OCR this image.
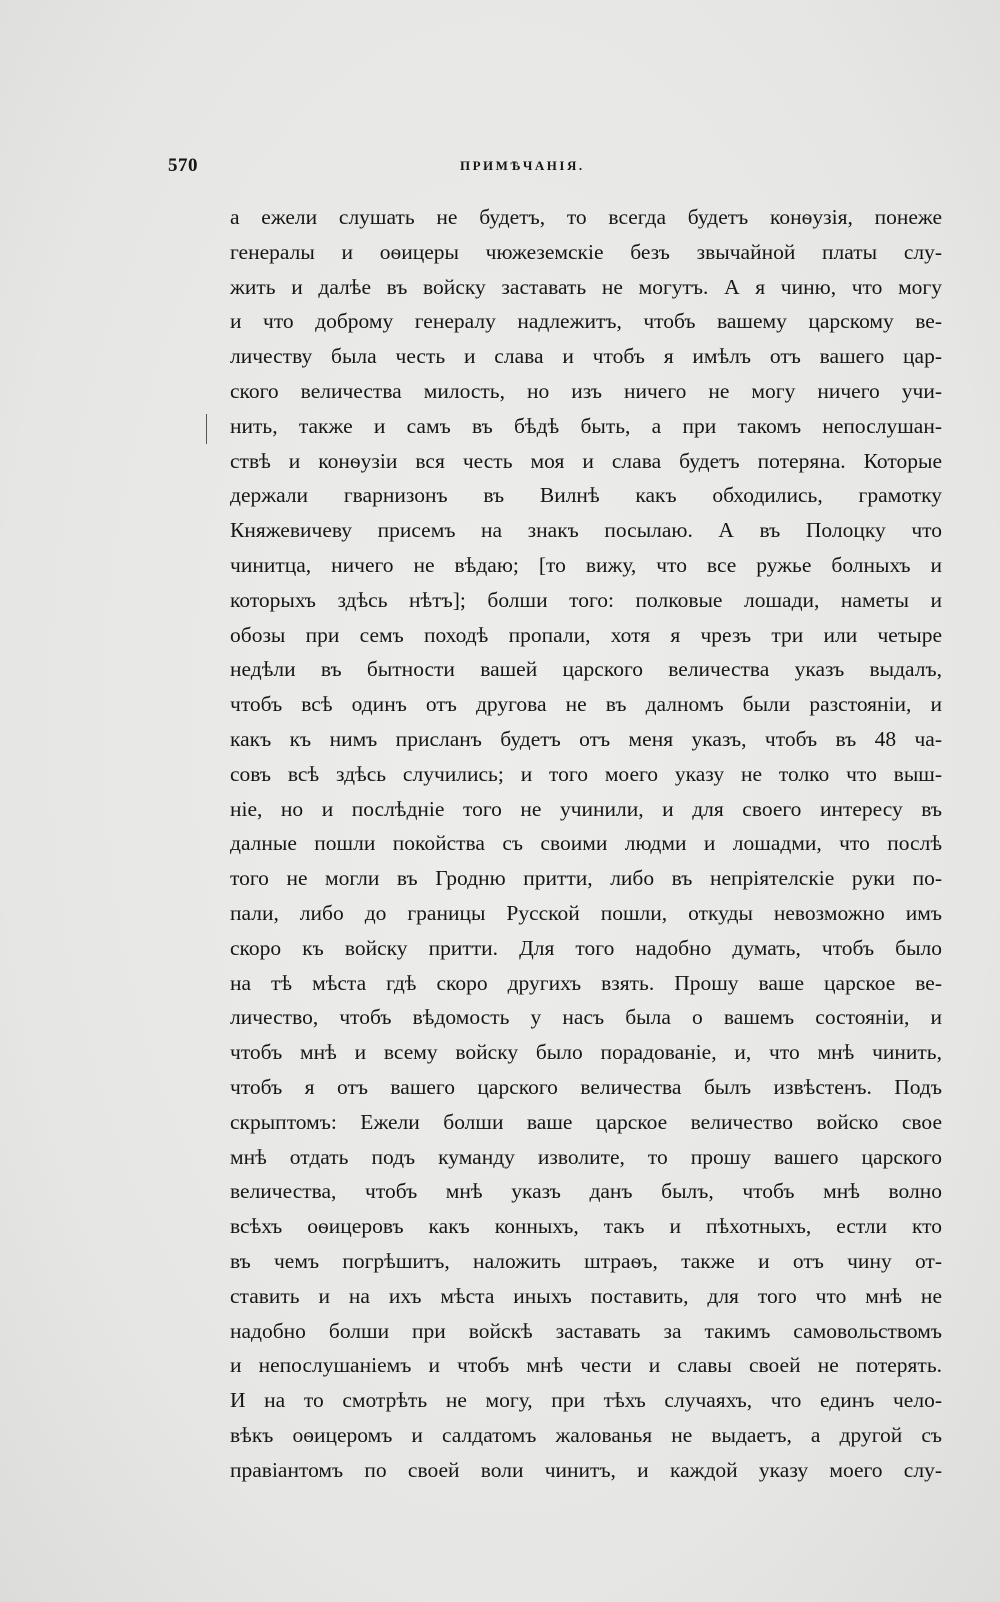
570	ПРИМѢЧАНІЯ.
а ежели слушать не будетъ, то всегда будетъ конѳузія, понеже
генералы и оѳицеры чюжеземскіе безъ звычайной платы слу-
жить и далѣе въ войску заставать не могутъ. А я чиню, что могу
и что доброму генералу надлежитъ, чтобъ вашему царскому ве-
личеству была честь и слава и чтобъ я имѣлъ отъ вашего цар-
ского величества милость, но изъ ничего не могу ничего учи-
нить, также и самъ въ бѣдѣ быть, а при такомъ непослушан-
ствѣ и конѳузіи вся честь моя и слава будетъ потеряна. Которые
держали гварнизонъ въ Вилнѣ какъ обходились, грамотку
Княжевичеву присемъ на знакъ посылаю. А въ Полоцку что
чинитца, ничего не вѣдаю; [то вижу, что все ружье болныхъ и
которыхъ здѣсь нѣтъ]; болши того: полковые лошади, наметы и
обозы при семъ походѣ пропали, хотя я чрезъ три или четыре
недѣли въ бытности вашей царского величества указъ выдалъ,
чтобъ всѣ одинъ отъ другова не въ далномъ были разстояніи, и
какъ къ нимъ присланъ будетъ отъ меня указъ, чтобъ въ 48 ча-
совъ всѣ здѣсь случились; и того моего указу не толко что выш-
ніе, но и послѣдніе того не учинили, и для своего интересу въ
далные пошли покойства съ своими людми и лошадми, что послѣ
того не могли въ Гродню притти, либо въ непріятелскіе руки по-
пали, либо до границы Русской пошли, откуды невозможно имъ
скоро къ войску притти. Для того надобно думать, чтобъ было
на тѣ мѣста гдѣ скоро другихъ взять. Прошу ваше царское ве-
личество, чтобъ вѣдомость у насъ была о вашемъ состояніи, и
чтобъ мнѣ и всему войску было порадованіе, и, что мнѣ чинить,
чтобъ я отъ вашего царского величества былъ извѣстенъ. Подъ
скрыптомъ: Ежели болши ваше царское величество войско свое
мнѣ отдать подъ куманду изволите, то прошу вашего царского
величества, чтобъ мнѣ указъ данъ былъ, чтобъ мнѣ волно
всѣхъ оѳицеровъ какъ конныхъ, такъ и пѣхотныхъ, естли кто
въ чемъ погрѣшитъ, наложить штраѳъ, также и отъ чину от-
ставить и на ихъ мѣста иныхъ поставить, для того что мнѣ не
надобно болши при войскѣ заставать за такимъ самовольствомъ
и непослушаніемъ и чтобъ мнѣ чести и славы своей не потерять.
И на то смотрѣть не могу, при тѣхъ случаяхъ, что единъ чело-
вѣкъ оѳицеромъ и салдатомъ жалованья не выдаетъ, а другой съ
правіантомъ по своей воли чинитъ, и каждой указу моего слу-
